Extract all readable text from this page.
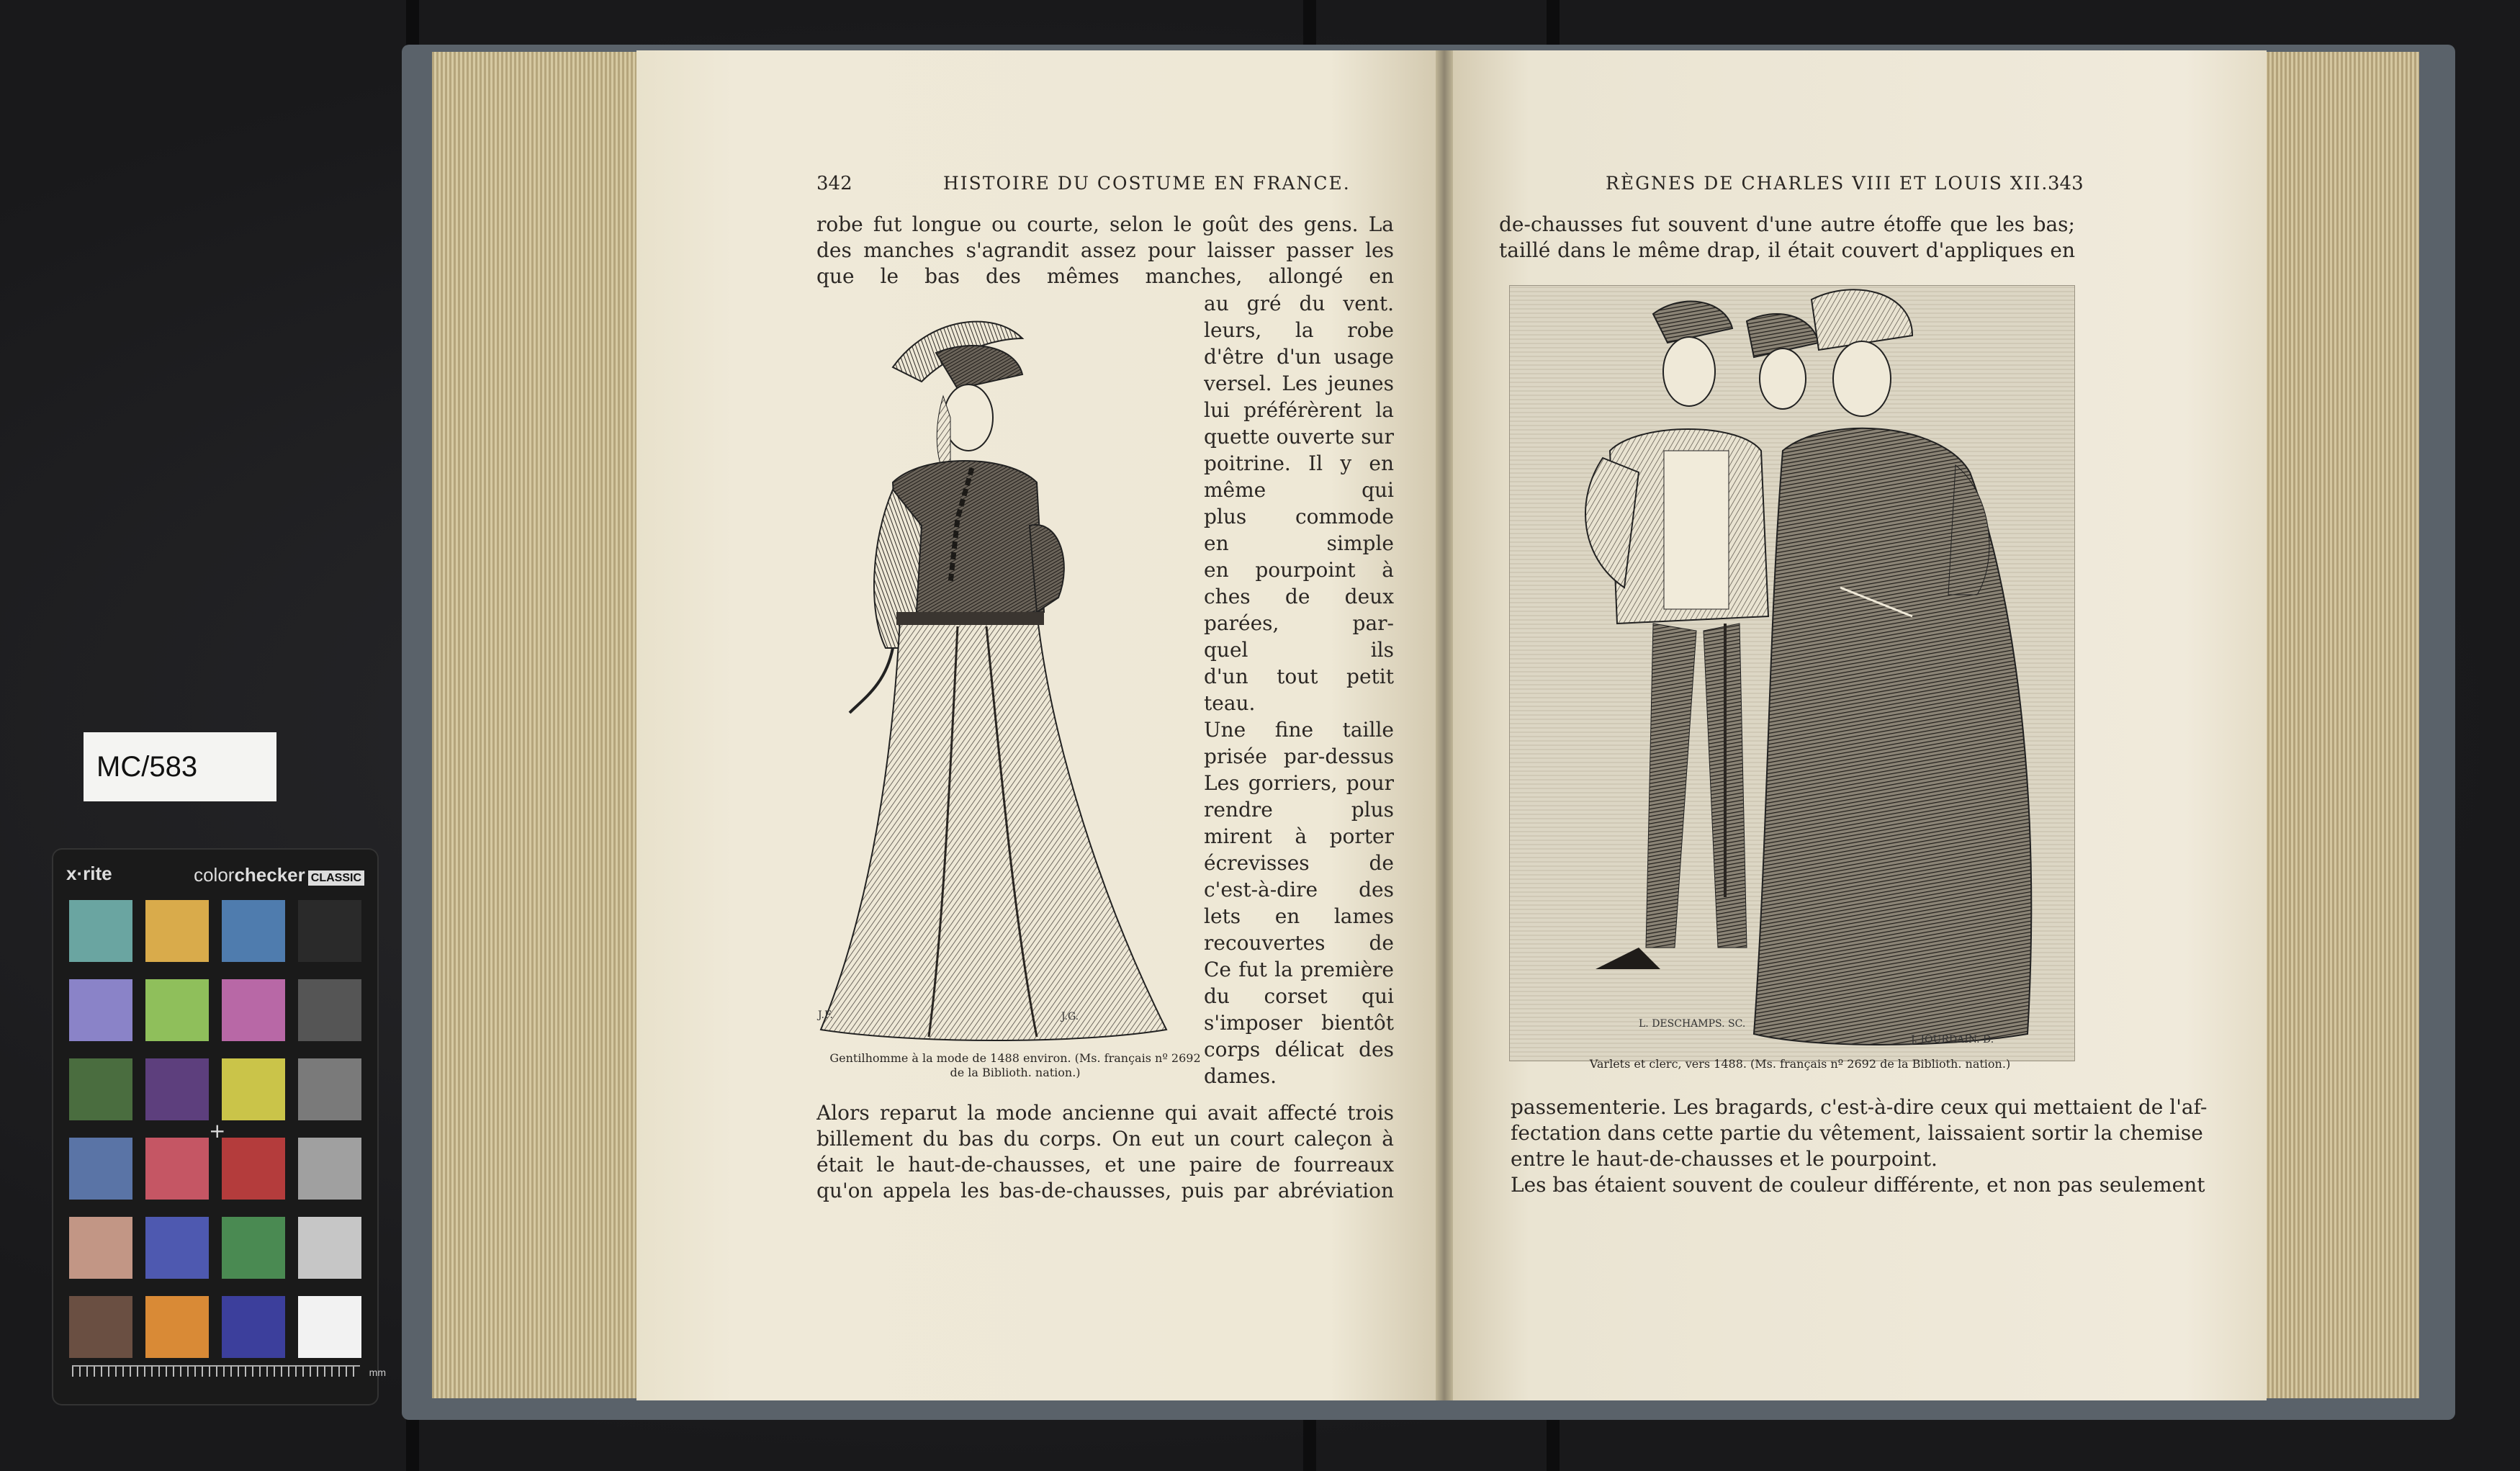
MC/583
x·rite	colorchecker CLASSIC
mm
+
342	HISTOIRE DU COSTUME EN FRANCE.
robe fut longue ou courte, selon le goût des gens. La
des manches s'agrandit assez pour laisser passer les
que le bas des mêmes manches, allongé en
au gré du vent.
leurs, la robe
d'être d'un usage
versel. Les jeunes
lui préférèrent la
quette ouverte sur
poitrine. Il y en
même qui
plus commode
en simple
en pourpoint à
ches de deux
parées, par-
quel ils
d'un tout petit
teau.
Une fine taille
prisée par-dessus
Les gorriers, pour
rendre plus
mirent à porter
écrevisses de
c'est-à-dire des
lets en lames
recouvertes de
Ce fut la première
du corset qui
s'imposer bientôt
corps délicat des
dames.
Alors reparut la mode ancienne qui avait affecté trois
billement du bas du corps. On eut un court caleçon à
était le haut-de-chausses, et une paire de fourreaux
qu'on appela les bas-de-chausses, puis par abréviation
J.F.	J.G.
Gentilhomme à la mode de 1488 environ. (Ms. français nº 2692
de la Biblioth. nation.)
RÈGNES DE CHARLES VIII ET LOUIS XII.
343
de-chausses fut souvent d'une autre étoffe que les bas;
taillé dans le même drap, il était couvert d'appliques en
L. DESCHAMPS. SC.
J. JOURDAIN. D.
Varlets et clerc, vers 1488. (Ms. français nº 2692 de la Biblioth. nation.)
passementerie. Les bragards, c'est-à-dire ceux qui mettaient de l'af-
fectation dans cette partie du vêtement, laissaient sortir la chemise
entre le haut-de-chausses et le pourpoint.
Les bas étaient souvent de couleur différente, et non pas seulement
